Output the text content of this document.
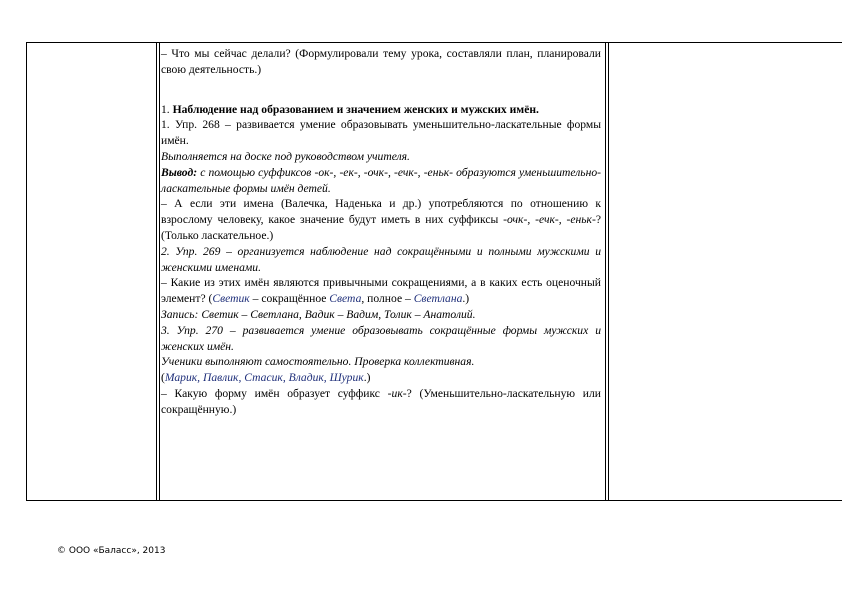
– Что мы сейчас делали? (Формулировали тему урока, составляли план, планировали свою деятельность.)

1. Наблюдение над образованием и значением женских и мужских имён.

1. Упр. 268 – развивается умение образовывать уменьшительно-ласкательные формы имён.

Выполняется на доске под руководством учителя.

Вывод: с помощью суффиксов -ок-, -ек-, -очк-, -ечк-, -еньк- образуются уменьшительно-ласкательные формы имён детей.

– А если эти имена (Валечка, Наденька и др.) употребляются по отношению к взрослому человеку, какое значение будут иметь в них суффиксы -очк-, -ечк-, -еньк-? (Только ласкательное.)

2. Упр. 269 – организуется наблюдение над сокращёнными и полными мужскими и женскими именами.

– Какие из этих имён являются привычными сокращениями, а в каких есть оценочный элемент? (Светик – сокращённое Света, полное – Светлана.)

Запись: Светик – Светлана, Вадик – Вадим, Толик – Анатолий.

3. Упр. 270 – развивается умение образовывать сокращённые формы мужских и женских имён.

Ученики выполняют самостоятельно. Проверка коллективная.

(Марик, Павлик, Стасик, Владик, Шурик.)

– Какую форму имён образует суффикс -ик-? (Уменьшительно-ласкательную или сокращённую.)

© ООО «Баласс», 2013
